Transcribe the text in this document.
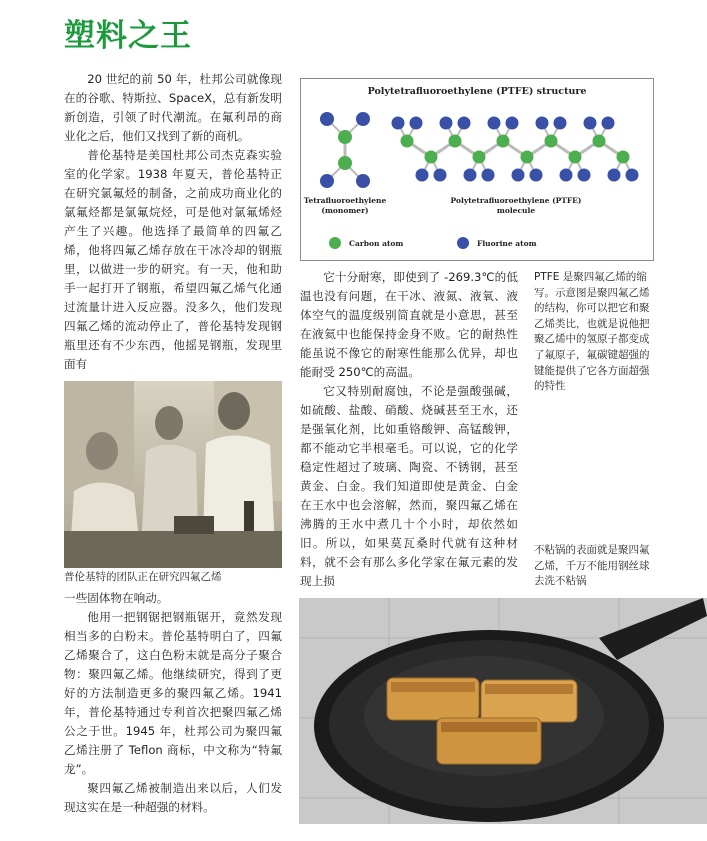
塑料之王

20 世纪的前 50 年，杜邦公司就像现在的谷歌、特斯拉、SpaceX，总有新发明新创造，引领了时代潮流。在氟利昂的商业化之后，他们又找到了新的商机。

普伦基特是美国杜邦公司杰克森实验室的化学家。1938 年夏天，普伦基特正在研究氯氟烃的制备，之前成功商业化的氯氟烃都是氯氟烷烃，可是他对氯氟烯烃产生了兴趣。他选择了最简单的四氟乙烯，他将四氟乙烯存放在干冰冷却的钢瓶里，以做进一步的研究。有一天，他和助手一起打开了钢瓶，希望四氟乙烯气化通过流量计进入反应器。没多久，他们发现四氟乙烯的流动停止了，普伦基特发现钢瓶里还有不少东西，他摇晃钢瓶，发现里面有

普伦基特的团队正在研究四氟乙烯

一些固体物在响动。

他用一把钢锯把钢瓶锯开，竟然发现相当多的白粉末。普伦基特明白了，四氟乙烯聚合了，这白色粉末就是高分子聚合物：聚四氟乙烯。他继续研究，得到了更好的方法制造更多的聚四氟乙烯。1941 年，普伦基特通过专利首次把聚四氟乙烯公之于世。1945 年，杜邦公司为聚四氟乙烯注册了 Teflon 商标，中文称为“特氟龙”。

聚四氟乙烯被制造出来以后，人们发现这实在是一种超强的材料。

Polytetrafluoroethylene (PTFE) structure
Tetrafluoroethylene
(monomer)
Polytetrafluoroethylene (PTFE)
molecule
Carbon atom	Fluorine atom
PTFE 是聚四氟乙烯的缩写。示意图是聚四氟乙烯的结构，你可以把它和聚乙烯类比，也就是说他把聚乙烯中的氢原子都变成了氟原子，氟碳键超强的键能提供了它各方面超强的特性

它十分耐寒，即使到了 -269.3℃的低温也没有问题，在干冰、液氮、液氧、液体空气的温度级别简直就是小意思，甚至在液氦中也能保持金身不败。它的耐热性能虽说不像它的耐寒性能那么优异，却也能耐受 250℃的高温。

它又特别耐腐蚀，不论是强酸强碱，如硫酸、盐酸、硝酸、烧碱甚至王水，还是强氧化剂，比如重铬酸钾、高锰酸钾，都不能动它半根毫毛。可以说，它的化学稳定性超过了玻璃、陶瓷、不锈钢，甚至黄金、白金。我们知道即使是黄金、白金在王水中也会溶解，然而，聚四氟乙烯在沸腾的王水中煮几十个小时，却依然如旧。所以，如果莫瓦桑时代就有这种材料，就不会有那么多化学家在氟元素的发现上损

不粘锅的表面就是聚四氟乙烯，千万不能用钢丝球去洗不粘锅
